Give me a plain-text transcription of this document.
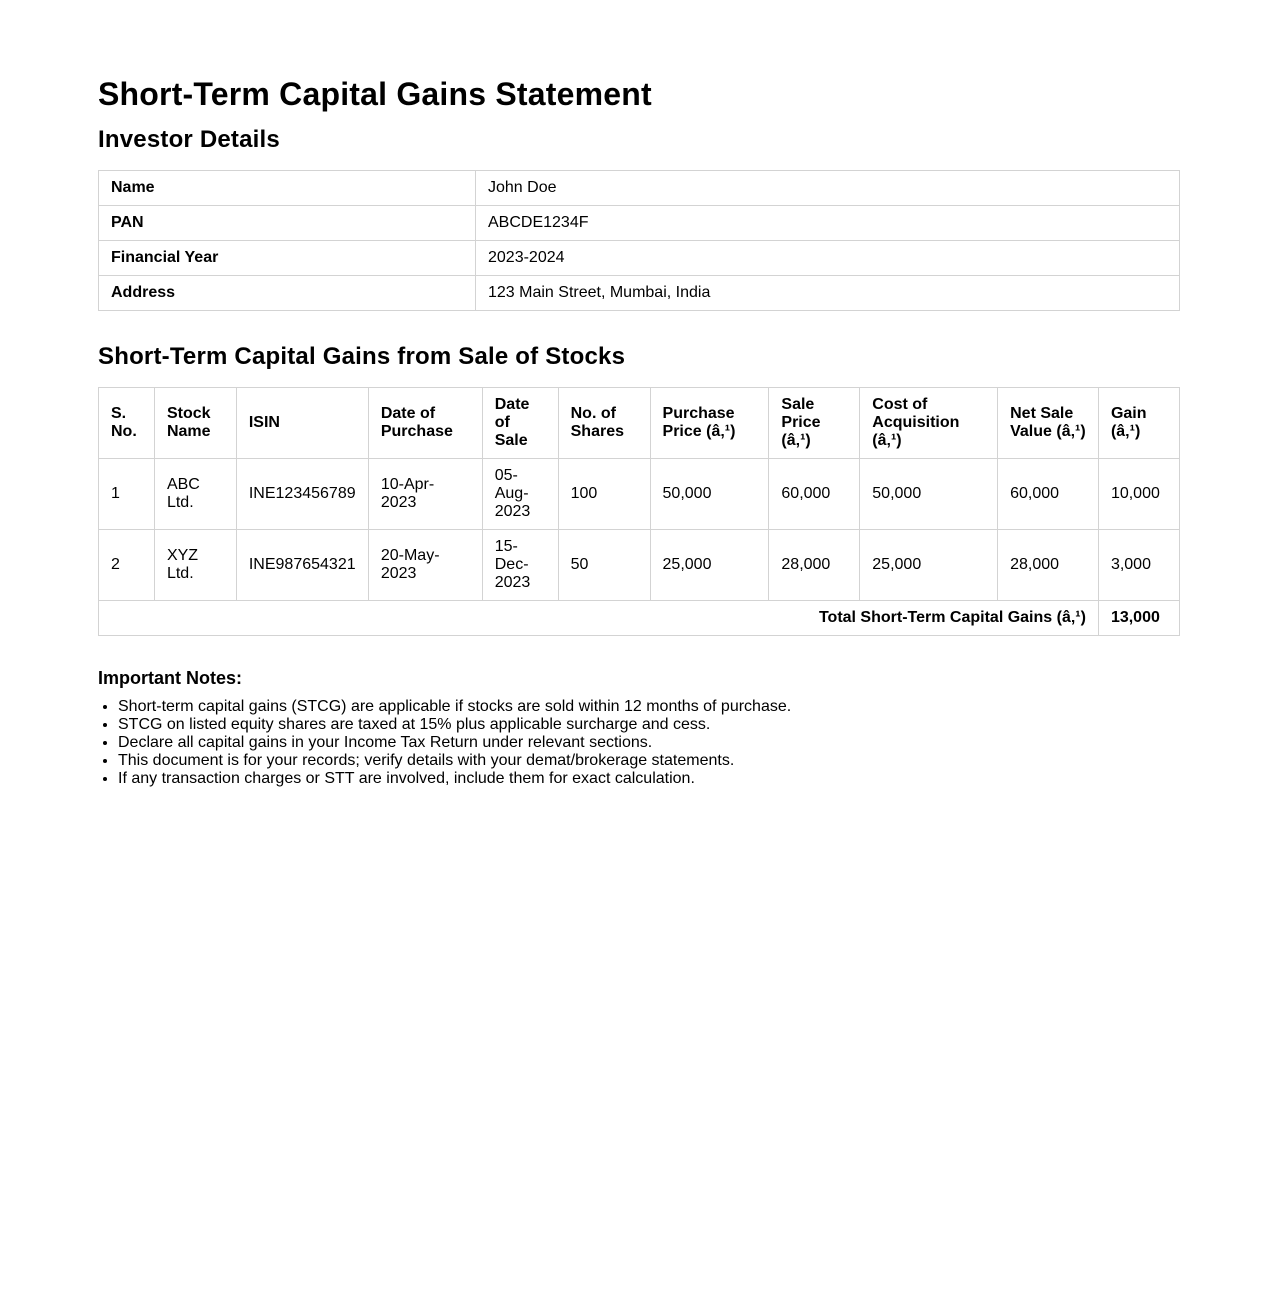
Short-Term Capital Gains Statement
Investor Details
Name	John Doe
PAN	ABCDE1234F
Financial Year	2023-2024
Address	123 Main Street, Mumbai, India
Short-Term Capital Gains from Sale of Stocks
S. No.	Stock Name	ISIN	Date of Purchase	Date of Sale	No. of Shares	Purchase Price (â‚¹)	Sale Price (â‚¹)	Cost of Acquisition (â‚¹)	Net Sale Value (â‚¹)	Gain (â‚¹)
1	ABC Ltd.	INE123456789	10-Apr-2023	05-Aug-2023	100	50,000	60,000	50,000	60,000	10,000
2	XYZ Ltd.	INE987654321	20-May-2023	15-Dec-2023	50	25,000	28,000	25,000	28,000	3,000
Total Short-Term Capital Gains (â‚¹)										13,000
Important Notes:
• Short-term capital gains (STCG) are applicable if stocks are sold within 12 months of purchase.
• STCG on listed equity shares are taxed at 15% plus applicable surcharge and cess.
• Declare all capital gains in your Income Tax Return under relevant sections.
• This document is for your records; verify details with your demat/brokerage statements.
• If any transaction charges or STT are involved, include them for exact calculation.
